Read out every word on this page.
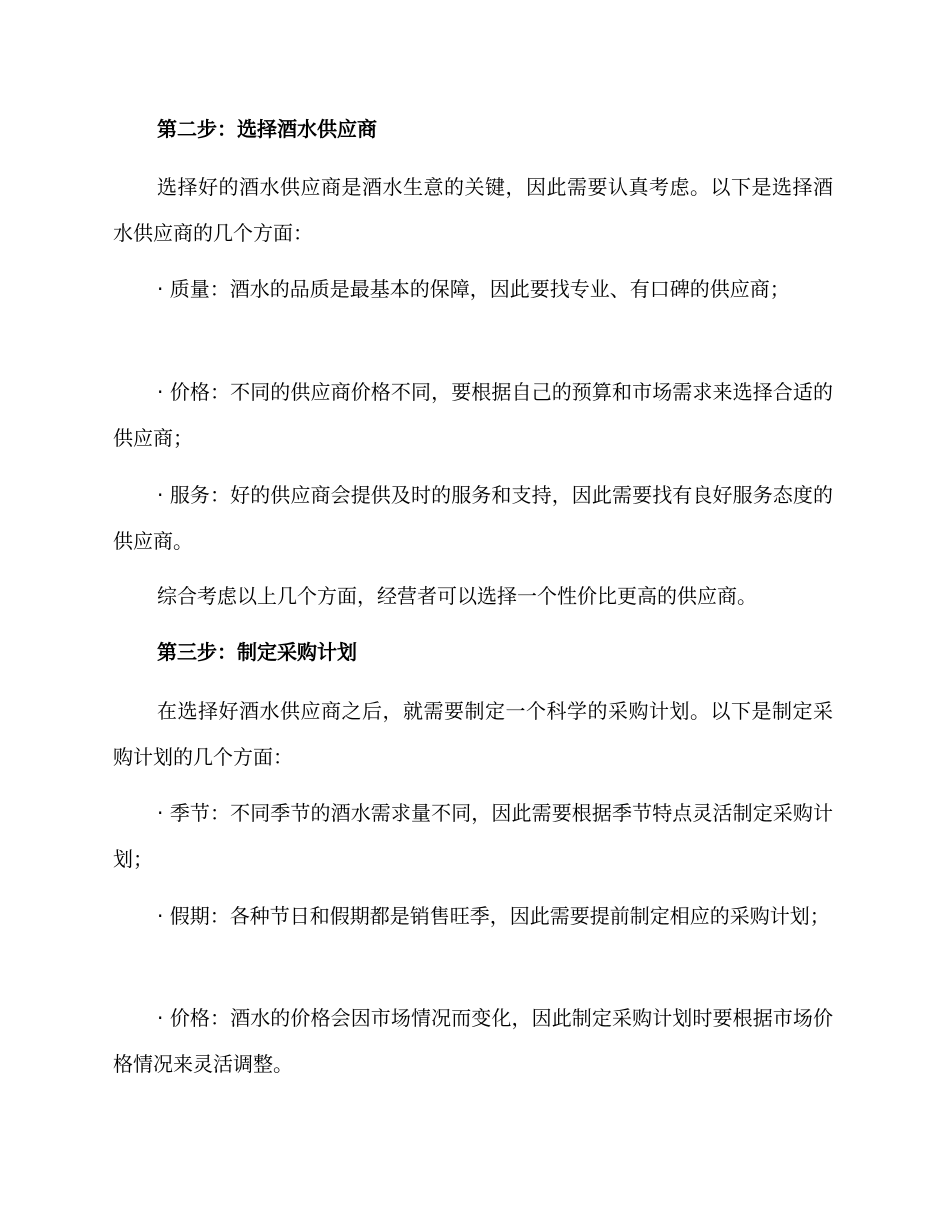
第二步：选择酒水供应商
选择好的酒水供应商是酒水生意的关键，因此需要认真考虑。以下是选择酒水供应商的几个方面：
· 质量：酒水的品质是最基本的保障，因此要找专业、有口碑的供应商；
· 价格：不同的供应商价格不同，要根据自己的预算和市场需求来选择合适的供应商；
· 服务：好的供应商会提供及时的服务和支持，因此需要找有良好服务态度的供应商。
综合考虑以上几个方面，经营者可以选择一个性价比更高的供应商。
第三步：制定采购计划
在选择好酒水供应商之后，就需要制定一个科学的采购计划。以下是制定采购计划的几个方面：
· 季节：不同季节的酒水需求量不同，因此需要根据季节特点灵活制定采购计划；
· 假期：各种节日和假期都是销售旺季，因此需要提前制定相应的采购计划；
· 价格：酒水的价格会因市场情况而变化，因此制定采购计划时要根据市场价格情况来灵活调整。
